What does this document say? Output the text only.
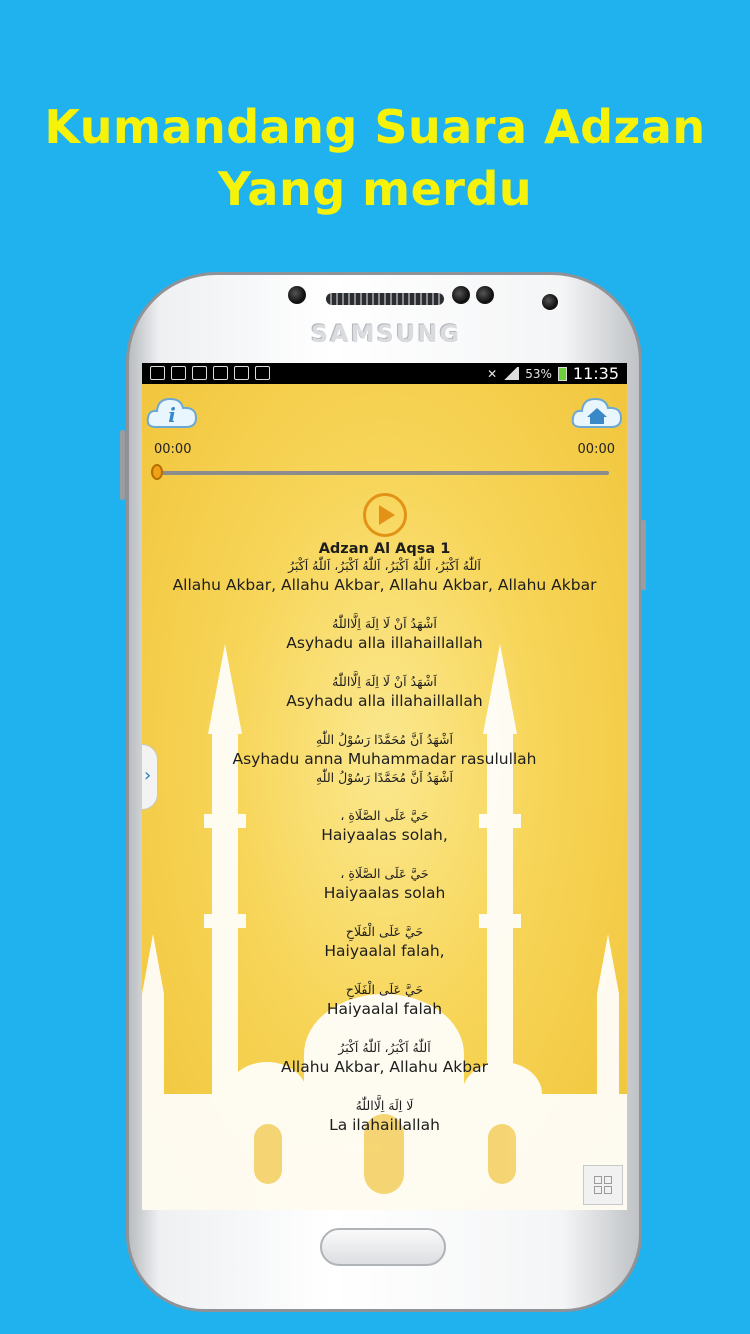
Kumandang Suara Adzan
Yang merdu
SAMSUNG
✕ 53% 11:35
i
00:00	00:00
Adzan Al Aqsa 1
اَللّٰهُ اَكْبَرُ، اَللّٰهُ اَكْبَرُ، اَللّٰهُ اَكْبَرُ، اَللّٰهُ اَكْبَرُ
Allahu Akbar, Allahu Akbar, Allahu Akbar, Allahu Akbar
اَشْهَدُ اَنْ لَا اِلَهَ اِلَّااللّٰهُ
Asyhadu alla illahaillallah
اَشْهَدُ اَنْ لَا اِلَهَ اِلَّااللّٰهُ
Asyhadu alla illahaillallah
اَشْهَدُ اَنَّ مُحَمَّدًا رَسُوْلُ اللّٰهِ
Asyhadu anna Muhammadar rasulullah
اَشْهَدُ اَنَّ مُحَمَّدًا رَسُوْلُ اللّٰهِ
حَيَّ عَلَى الصَّلَاةِ ،
Haiyaalas solah,
حَيَّ عَلَى الصَّلَاةِ ،
Haiyaalas solah
حَيَّ عَلَى الْفَلَاحِ
Haiyaalal falah,
حَيَّ عَلَى الْفَلَاحِ
Haiyaalal falah
اَللّٰهُ اَكْبَرُ، اَللّٰهُ اَكْبَرُ
Allahu Akbar, Allahu Akbar
لَا اِلَهَ اِلَّااللّٰهُ
La ilahaillallah
›
